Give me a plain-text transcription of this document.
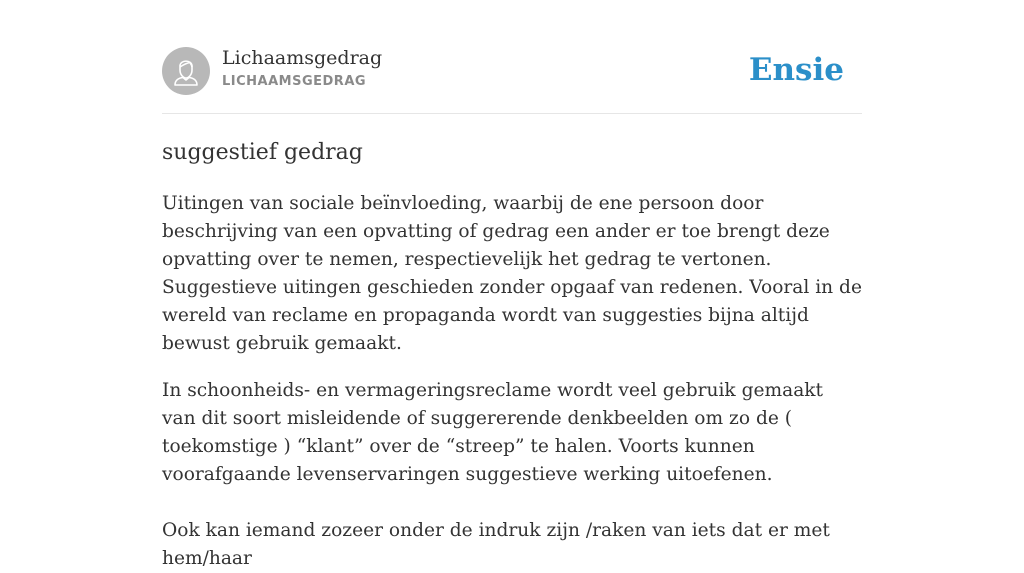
Lichaamsgedrag
LICHAAMSGEDRAG	Ensie
suggestief gedrag

Uitingen van sociale beïnvloeding, waarbij de ene persoon door beschrijving van een opvatting of gedrag een ander er toe brengt deze opvatting over te nemen, respectievelijk het gedrag te vertonen. Suggestieve uitingen geschieden zonder opgaaf van redenen. Vooral in de wereld van reclame en propaganda wordt van suggesties bijna altijd bewust gebruik gemaakt.

In schoonheids- en vermageringsreclame wordt veel gebruik gemaakt van dit soort misleidende of suggererende denkbeelden om zo de ( toekomstige ) “klant” over de “streep” te halen. Voorts kunnen voorafgaande levenservaringen suggestieve werking uitoefenen.

Ook kan iemand zozeer onder de indruk zijn /raken van iets dat er met hem/haar
